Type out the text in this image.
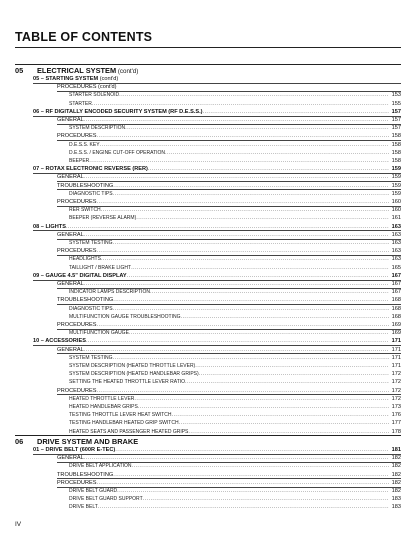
TABLE OF CONTENTS
05 ELECTRICAL SYSTEM (cont'd)
05 – STARTING SYSTEM (cont'd)
PROCEDURES (cont'd)
STARTER SOLENOID .....	153
STARTER .....	155
06 – RF DIGITALLY ENCODED SECURITY SYSTEM (RF D.E.S.S.) .....	157
GENERAL .....	157
SYSTEM DESCRIPTION .....	157
PROCEDURES .....	158
D.E.S.S. KEY .....	158
D.E.S.S. / ENGINE CUT-OFF OPERATION .....	158
BEEPER .....	158
07 – ROTAX ELECTRONIC REVERSE (RER) .....	159
GENERAL .....	159
TROUBLESHOOTING .....	159
DIAGNOSTIC TIPS .....	159
PROCEDURES .....	160
RER SWITCH .....	160
BEEPER (REVERSE ALARM) .....	161
08 – LIGHTS .....	163
GENERAL .....	163
SYSTEM TESTING .....	163
PROCEDURES .....	163
HEADLIGHTS .....	163
TAILLIGHT / BRAKE LIGHT .....	165
09 – GAUGE 4.5" DIGITAL DISPLAY .....	167
GENERAL .....	167
INDICATOR LAMPS DESCRIPTION .....	167
TROUBLESHOOTING .....	168
DIAGNOSTIC TIPS .....	168
MULTIFUNCTION GAUGE TROUBLESHOOTING .....	168
PROCEDURES .....	169
MULTIFUNCTION GAUGE .....	169
10 – ACCESSORIES .....	171
GENERAL .....	171
SYSTEM TESTING .....	171
SYSTEM DESCRIPTION (HEATED THROTTLE LEVER) .....	171
SYSTEM DESCRIPTION (HEATED HANDLEBAR GRIPS) .....	172
SETTING THE HEATED THROTTLE LEVER RATIO .....	172
PROCEDURES .....	172
HEATED THROTTLE LEVER .....	172
HEATED HANDLEBAR GRIPS .....	173
TESTING THROTTLE LEVER HEAT SWITCH .....	176
TESTING HANDLEBAR HEATED GRIP SWITCH .....	177
HEATED SEATS AND PASSENGER HEATED GRIPS .....	178
06 DRIVE SYSTEM AND BRAKE
01 – DRIVE BELT (600R E-TEC) .....	181
GENERAL .....	182
DRIVE BELT APPLICATION .....	182
TROUBLESHOOTING .....	182
PROCEDURES .....	182
DRIVE BELT GUARD .....	182
DRIVE BELT GUARD SUPPORT .....	183
DRIVE BELT .....	183
IV
